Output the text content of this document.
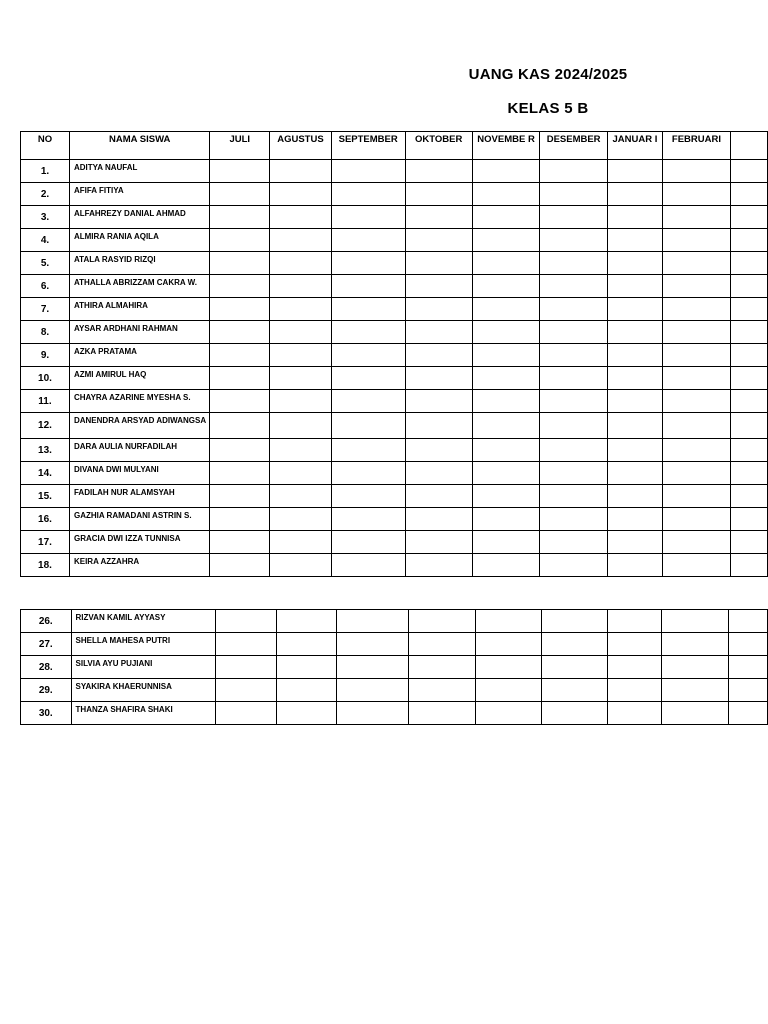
UANG KAS 2024/2025
KELAS 5 B
NO	NAMA SISWA	JULI	AGUSTUS	SEPTEMBER	OKTOBER	NOVEMBE R	DESEMBER	JANUAR I	FEBRUARI	
1.	ADITYA NAUFAL									
2.	AFIFA FITIYA									
3.	ALFAHREZY DANIAL AHMAD									
4.	ALMIRA RANIA AQILA									
5.	ATALA RASYID RIZQI									
6.	ATHALLA ABRIZZAM CAKRA W.									
7.	ATHIRA ALMAHIRA									
8.	AYSAR ARDHANI RAHMAN									
9.	AZKA PRATAMA									
10.	AZMI AMIRUL HAQ									
11.	CHAYRA AZARINE MYESHA S.									
12.	DANENDRA ARSYAD ADIWANGSA									
13.	DARA AULIA NURFADILAH									
14.	DIVANA DWI MULYANI									
15.	FADILAH NUR ALAMSYAH									
16.	GAZHIA RAMADANI ASTRIN S.									
17.	GRACIA DWI IZZA TUNNISA									
18.	KEIRA AZZAHRA									
26.	RIZVAN KAMIL AYYASY									
27.	SHELLA MAHESA PUTRI									
28.	SILVIA AYU PUJIANI									
29.	SYAKIRA KHAERUNNISA									
30.	THANZA SHAFIRA SHAKI									
